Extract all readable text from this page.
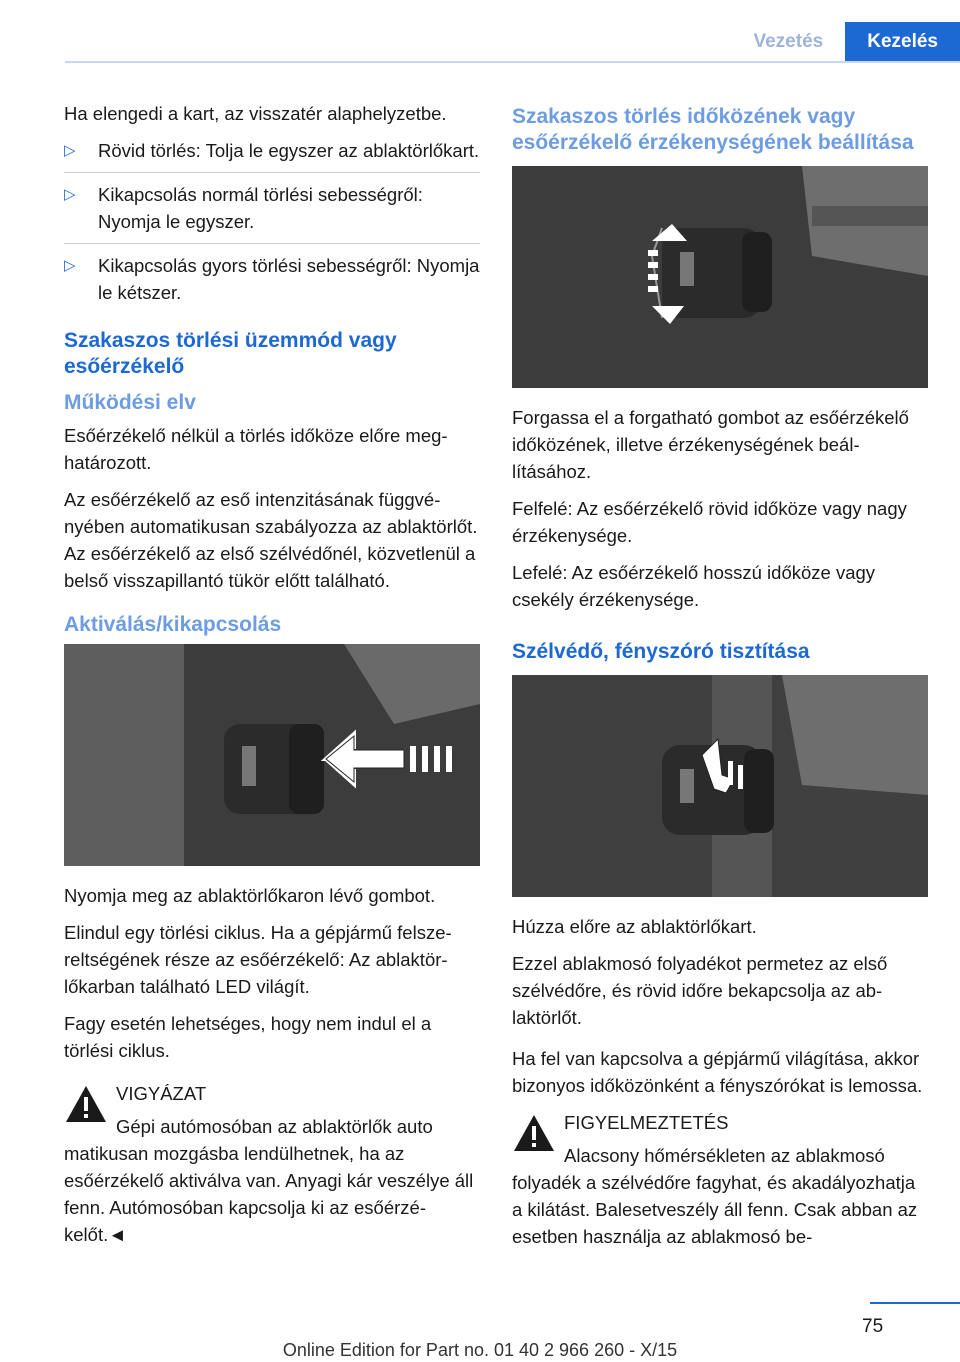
Vezetés	Kezelés

Ha elengedi a kart, az visszatér alaphelyzetbe.

▷ Rövid törlés: Tolja le egyszer az ablaktörlőkart.
▷ Kikapcsolás normál törlési sebességről: Nyomja le egyszer.
▷ Kikapcsolás gyors törlési sebességről: Nyomja le kétszer.
Szakaszos törlési üzemmód vagy esőérzékelő
Működési elv

Esőérzékelő nélkül a törlés időköze előre meghatározott.

Az esőérzékelő az eső intenzitásának függvényében automatikusan szabályozza az ablaktörlőt. Az esőérzékelő az első szélvédőnél, közvetlenül a belső visszapillantó tükör előtt található.

Aktiválás/kikapcsolás

Nyomja meg az ablaktörlőkaron lévő gombot.

Elindul egy törlési ciklus. Ha a gépjármű felszereltségének része az esőérzékelő: Az ablaktörlőkarban található LED világít.

Fagy esetén lehetséges, hogy nem indul el a törlési ciklus.

VIGYÁZAT

Gépi autómosóban az ablaktörlők auto

matikusan mozgásba lendülhetnek, ha az esőérzékelő aktiválva van. Anyagi kár veszélye áll fenn. Autómosóban kapcsolja ki az esőérzékelőt.◄

Szakaszos törlés időközének vagy esőérzékelő érzékenységének beállítása

Forgassa el a forgatható gombot az esőérzékelő időközének, illetve érzékenységének beállításához.

Felfelé: Az esőérzékelő rövid időköze vagy nagy érzékenysége.

Lefelé: Az esőérzékelő hosszú időköze vagy csekély érzékenysége.

Szélvédő, fényszóró tisztítása

Húzza előre az ablaktörlőkart.

Ezzel ablakmosó folyadékot permetez az első szélvédőre, és rövid időre bekapcsolja az ablaktörlőt.

Ha fel van kapcsolva a gépjármű világítása, akkor bizonyos időközönként a fényszórókat is lemossa.

FIGYELMEZTETÉS

Alacsony hőmérsékleten az ablakmosó

folyadék a szélvédőre fagyhat, és akadályozhatja a kilátást. Balesetveszély áll fenn. Csak abban az esetben használja az ablakmosó be-

75
Online Edition for Part no. 01 40 2 966 260 - X/15
